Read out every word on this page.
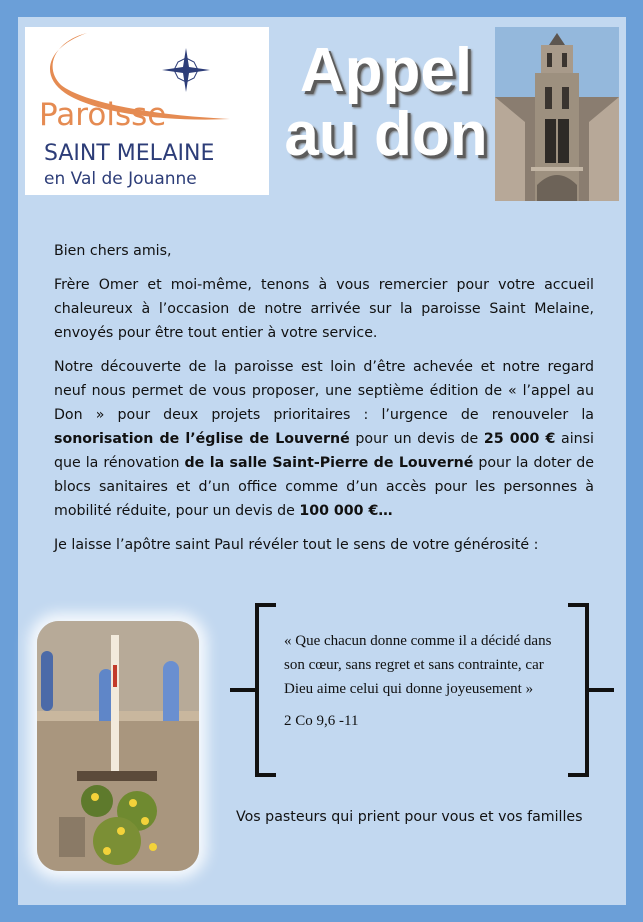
Paroisse
SAINT MELAINE
en Val de Jouanne
Appel
au don

Bien chers amis,

Frère Omer et moi-même, tenons à vous remercier pour votre accueil chaleureux à l’occasion de notre arrivée sur la paroisse Saint Melaine, envoyés pour être tout entier à votre service.

Notre découverte de la paroisse est loin d’être achevée et notre regard neuf nous permet de vous proposer, une septième édition de « l’appel au Don » pour deux projets prioritaires : l’urgence de renouveler la sonorisation de l’église de Louverné pour un devis de 25 000 € ainsi que la rénovation de la salle Saint-Pierre de Louverné pour la doter de blocs sanitaires et d’un office comme d’un accès pour les personnes à mobilité réduite, pour un devis de 100 000 €…

Je laisse l’apôtre saint Paul révéler tout le sens de votre générosité :

« Que chacun donne comme il a décidé dans son cœur, sans regret et sans contrainte, car Dieu aime celui qui donne joyeusement »
2 Co 9,6 -11
Vos pasteurs qui prient pour vous et vos familles
